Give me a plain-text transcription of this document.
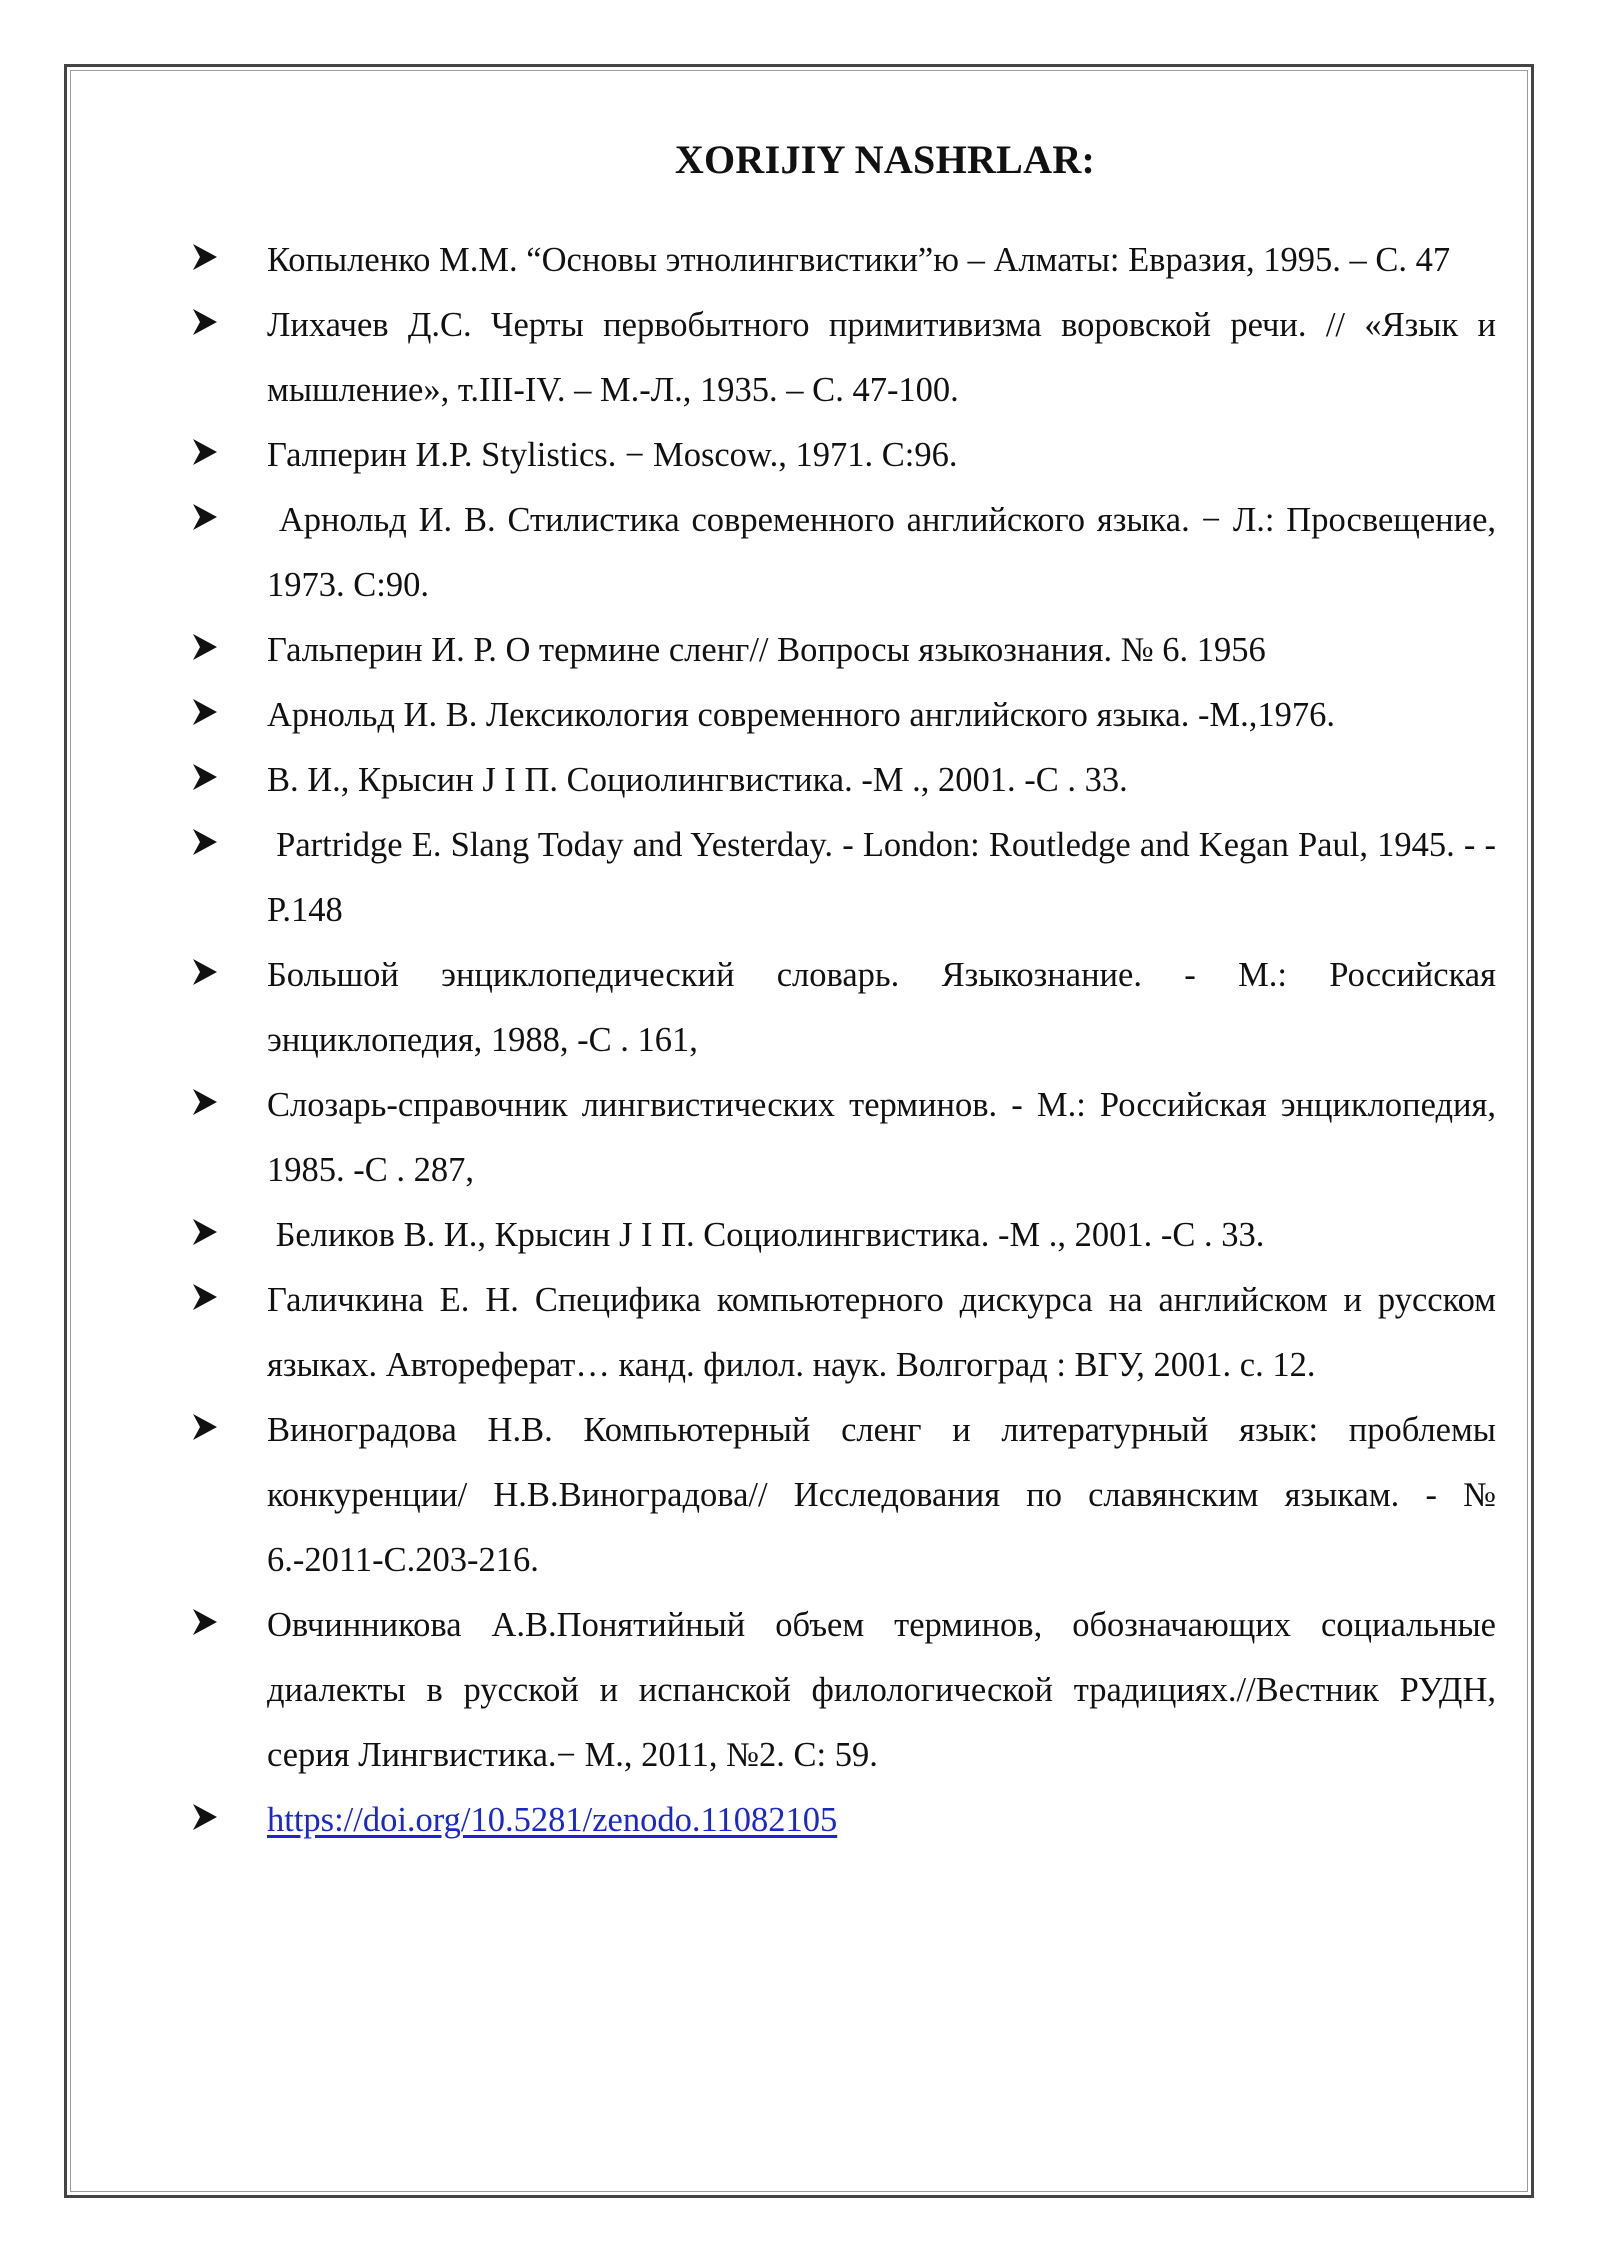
XORIJIY NASHRLAR:
Копыленко М.М. “Основы этнолингвистики”ю – Алматы: Евразия, 1995. – С. 47
Лихачев Д.С. Черты первобытного примитивизма воровской речи. // «Язык и мышление», т.III-IV. – М.-Л., 1935. – С. 47-100.
Галперин И.Р. Stylistics. − Moscow., 1971. С:96.
Арнольд И. В. Стилистика современного английского языка. − Л.: Просвещение, 1973. С:90.
Гальперин И. Р. О термине сленг// Вопросы языкознания. № 6. 1956
Арнольд И. В. Лексикология современного английского языка. -М.,1976.
В. И., Крысин J I П. Социолингвистика. -М ., 2001. -С . 33.
Partridge E. Slang Today and Yesterday. - London: Routledge and Kegan Paul, 1945. - -P.148
Большой энциклопедический словарь. Языкознание. - М.: Российская энциклопедия, 1988, -С . 161,
Слозарь-справочник лингвистических терминов. - М.: Российская энциклопедия, 1985. -С . 287,
Беликов В. И., Крысин J I П. Социолингвистика. -М ., 2001. -С . 33.
Галичкина Е. Н. Специфика компьютерного дискурса на английском и русском языках. Автореферат… канд. филол. наук. Волгоград : ВГУ, 2001. с. 12.
Виноградова Н.В. Компьютерный сленг и литературный язык: проблемы конкуренции/ Н.В.Виноградова// Исследования по славянским языкам. - № 6.-2011-С.203-216.
Овчинникова А.В.Понятийный объем терминов, обозначающих социальные диалекты в русской и испанской филологической традициях.//Вестник РУДН, серия Лингвистика.− М., 2011, №2. С: 59.
https://doi.org/10.5281/zenodo.11082105
